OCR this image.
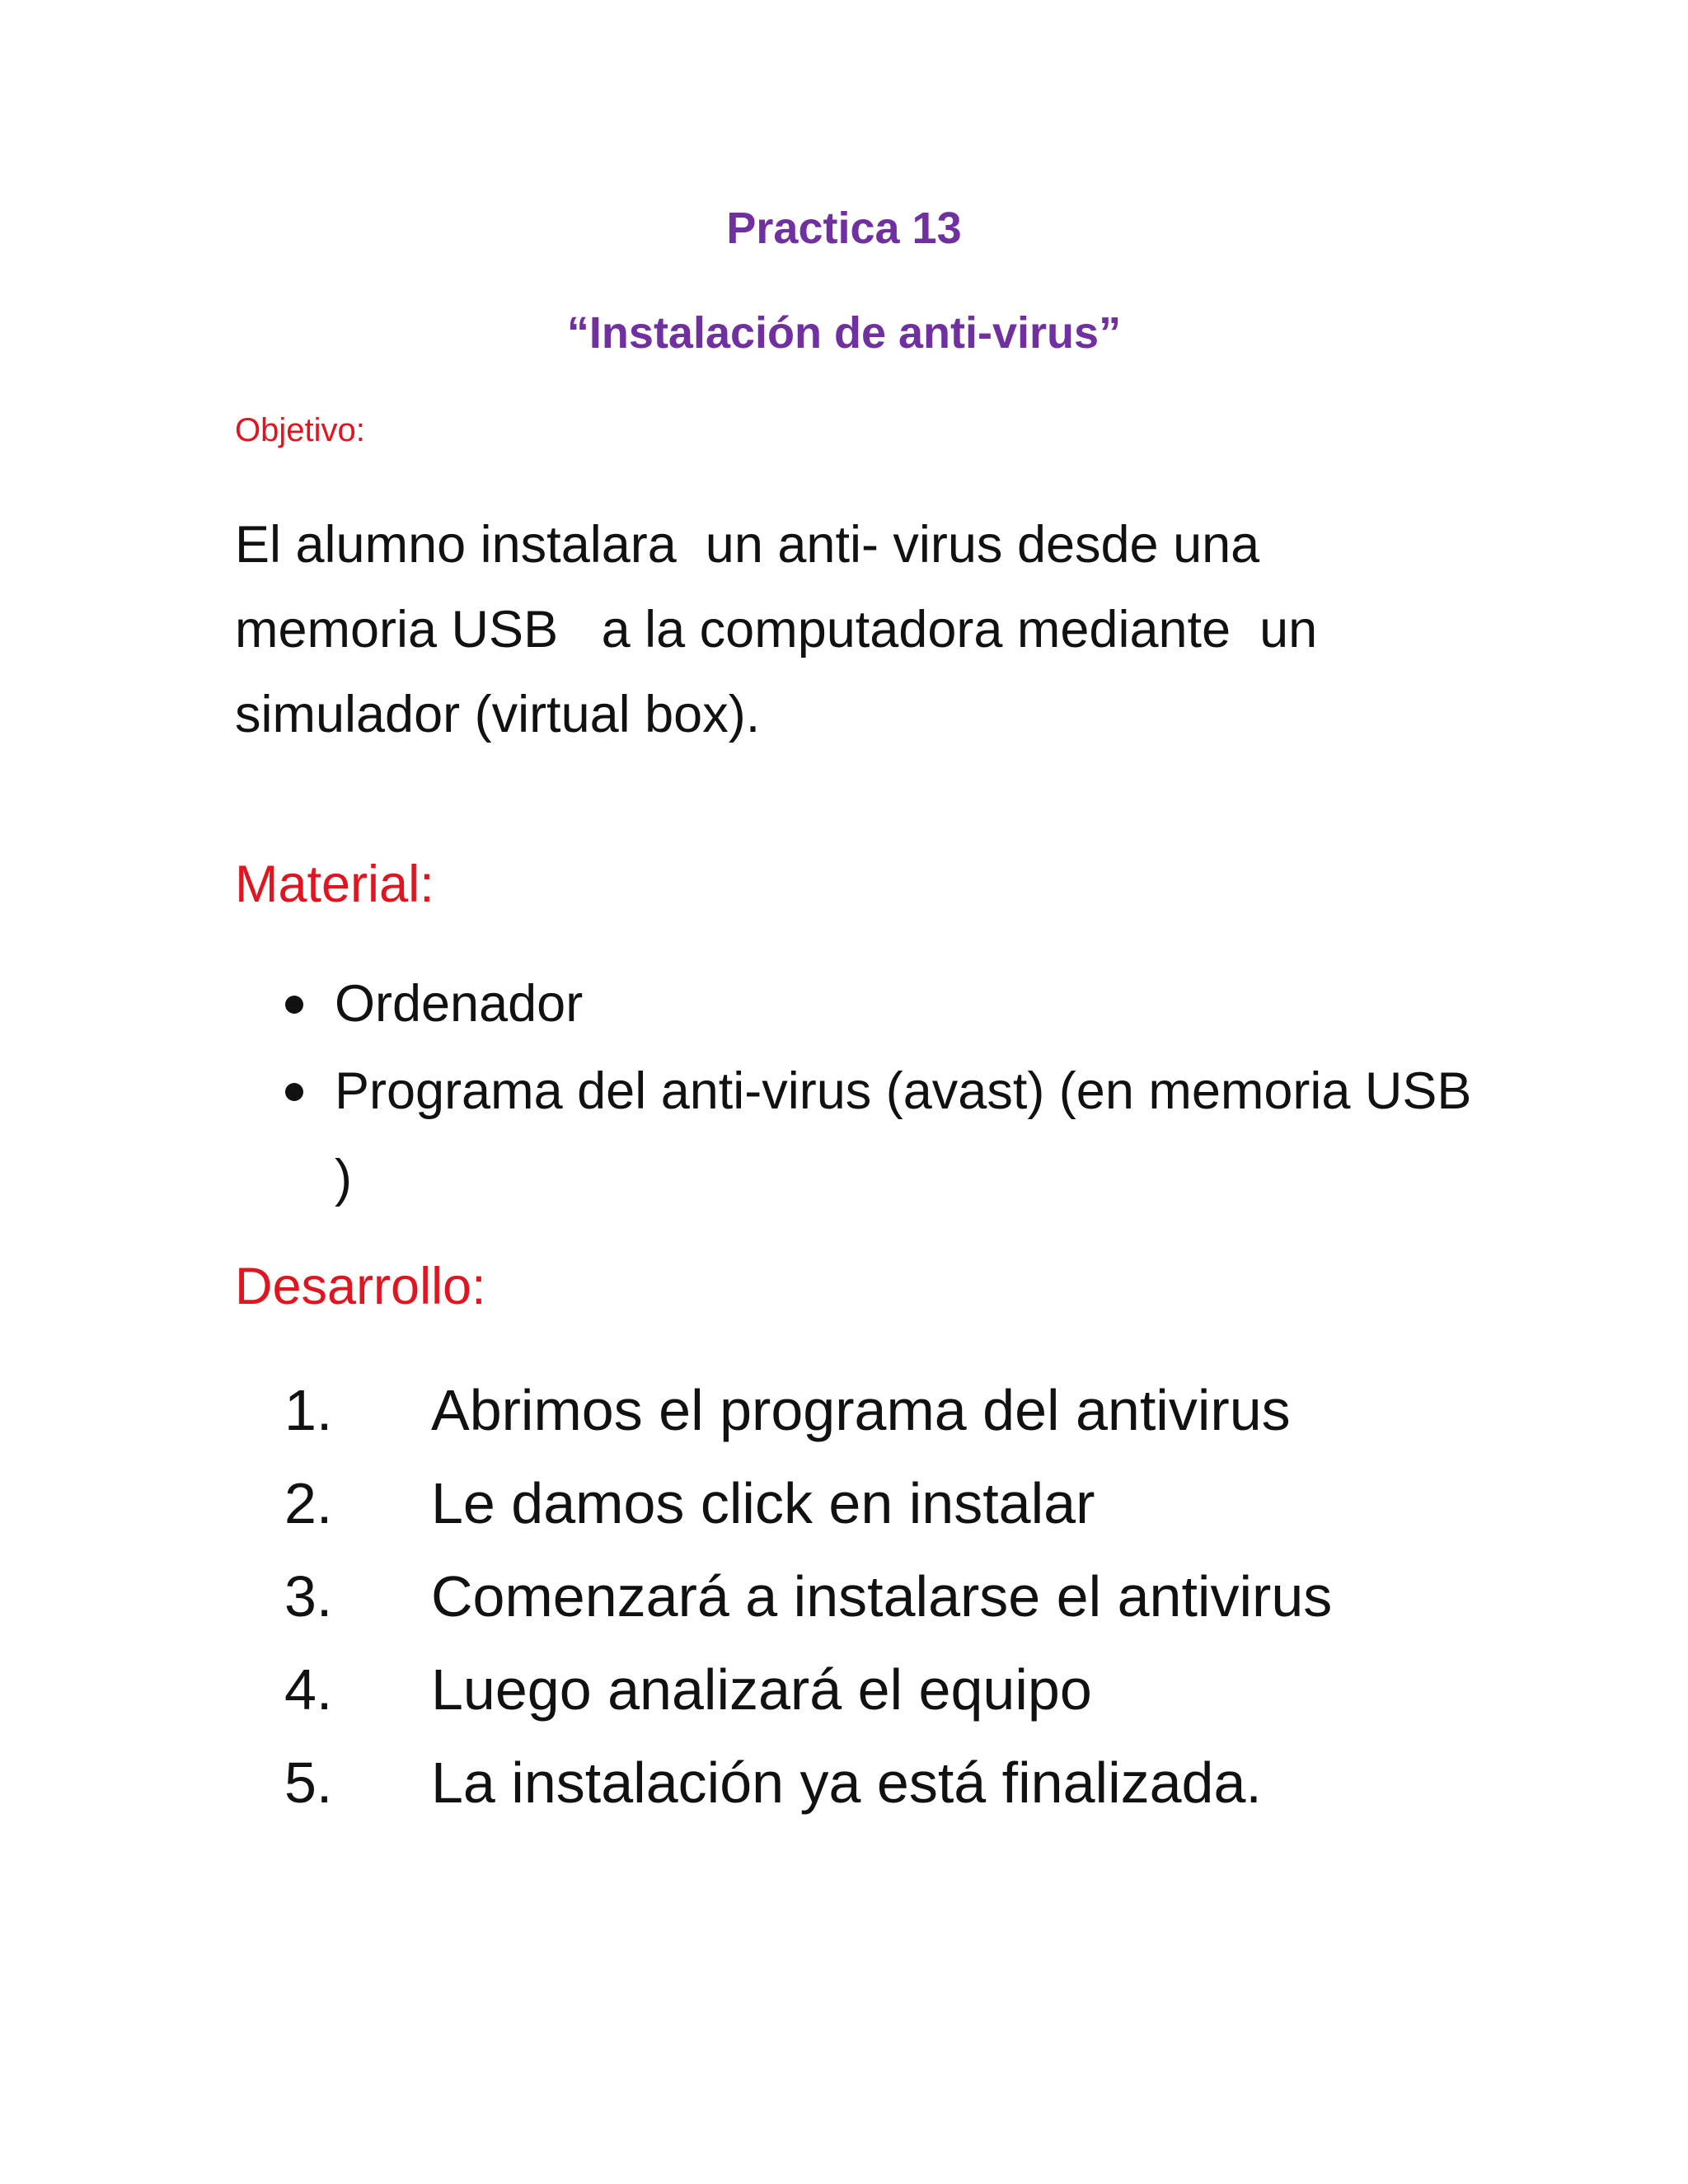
Practica 13
“Instalación de anti-virus”
Objetivo:
El alumno instalara  un anti- virus desde una
memoria USB   a la computadora mediante  un
simulador (virtual box).
Material:
Ordenador
Programa del anti-virus (avast) (en memoria USB )
Desarrollo:
1.	Abrimos el programa del antivirus
2.	Le damos click en instalar
3.	Comenzará a instalarse el antivirus
4.	Luego analizará el equipo
5.	La instalación ya está finalizada.
